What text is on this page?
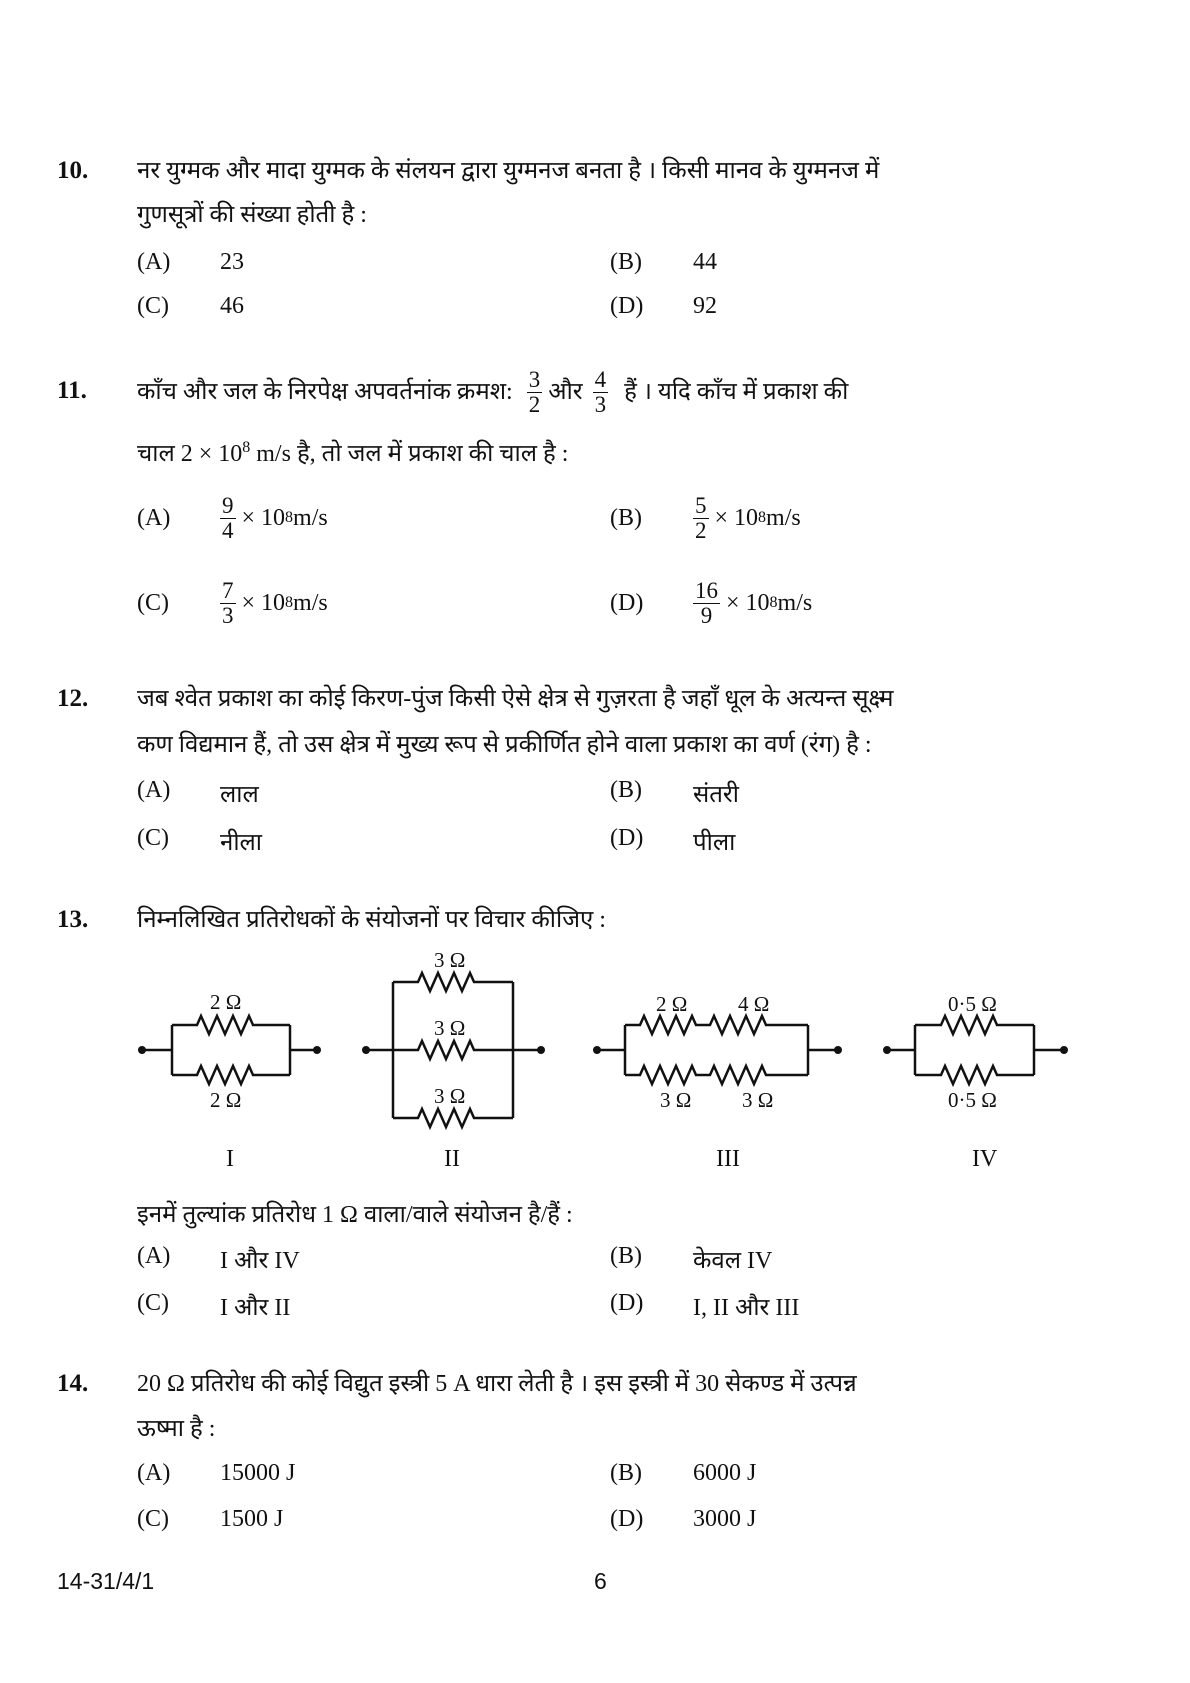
10. नर युग्मक और मादा युग्मक के संलयन द्वारा युग्मनज बनता है । किसी मानव के युग्मनज में
गुणसूत्रों की संख्या होती है :
(A) 23	(B) 44
(C) 46	(D) 92
11. काँच और जल के निरपेक्ष अपवर्तनांक क्रमश: $\frac{3}{2}$ और $\frac{4}{3}$ हैं । यदि काँच में प्रकाश की
चाल $2 \times 10^8$ m/s है, तो जल में प्रकाश की चाल है :
$(A) \frac{9}{4} \times 10$ 8 m/s	$(B) \frac{5}{2} \times 10$ 8 m/s
$(C) \frac{7}{3} \times 10$ 8 m/s	$(D) \frac{16}{9} \times 10$ 8 m/s
12. जब श्वेत प्रकाश का कोई किरण-पुंज किसी ऐसे क्षेत्र से गुज़रता है जहाँ धूल के अत्यन्त सूक्ष्म
कण विद्यमान हैं, तो उस क्षेत्र में मुख्य रूप से प्रकीर्णित होने वाला प्रकाश का वर्ण (रंग) है :
(A) लाल	(B) संतरी
(C) नीला	(D) पीला
13. निम्नलिखित प्रतिरोधकों के संयोजनों पर विचार कीजिए :
2 Ω
2 Ω
3 Ω
3 Ω
3 Ω
2 Ω 4 Ω
3 Ω 3 Ω
0·5 Ω
0·5 Ω
I	II	III	IV
इनमें तुल्यांक प्रतिरोध 1 Ω वाला/वाले संयोजन है/हैं :
(A) I और IV	(B) केवल IV
(C) I और II	(D) I, II और III
14. 20 Ω प्रतिरोध की कोई विद्युत इस्त्री 5 A धारा लेती है । इस इस्त्री में 30 सेकण्ड में उत्पन्न
ऊष्मा है :
(A) 15000 J	(B) 6000 J
(C) 1500 J	(D) 3000 J
14-31/4/1	6
